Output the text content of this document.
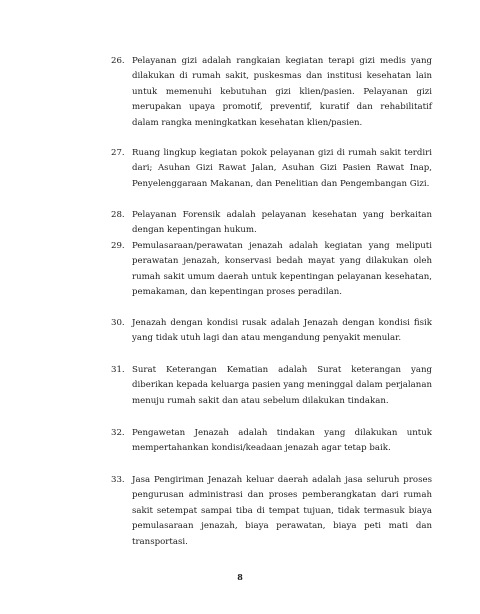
26. Pelayanan gizi adalah rangkaian kegiatan terapi gizi medis yang dilakukan di rumah sakit, puskesmas dan institusi kesehatan lain untuk memenuhi kebutuhan gizi klien/pasien. Pelayanan gizi merupakan upaya promotif, preventif, kuratif dan rehabilitatif dalam rangka meningkatkan kesehatan klien/pasien.
27. Ruang lingkup kegiatan pokok pelayanan gizi di rumah sakit terdiri dari; Asuhan Gizi Rawat Jalan, Asuhan Gizi Pasien Rawat Inap, Penyelenggaraan Makanan, dan Penelitian dan Pengembangan Gizi.
28. Pelayanan Forensik adalah pelayanan kesehatan yang berkaitan dengan kepentingan hukum.
29. Pemulasaraan/perawatan jenazah adalah kegiatan yang meliputi perawatan jenazah, konservasi bedah mayat yang dilakukan oleh rumah sakit umum daerah untuk kepentingan pelayanan kesehatan, pemakaman, dan kepentingan proses peradilan.
30. Jenazah dengan kondisi rusak adalah Jenazah dengan kondisi fisik yang tidak utuh lagi dan atau mengandung penyakit menular.
31. Surat Keterangan Kematian adalah Surat keterangan yang diberikan kepada keluarga pasien yang meninggal dalam perjalanan menuju rumah sakit dan atau sebelum dilakukan tindakan.
32. Pengawetan Jenazah adalah tindakan yang dilakukan untuk mempertahankan kondisi/keadaan jenazah agar tetap baik.
33. Jasa Pengiriman Jenazah keluar daerah adalah jasa seluruh proses pengurusan administrasi dan proses pemberangkatan dari rumah sakit setempat sampai tiba di tempat tujuan, tidak termasuk biaya pemulasaraan jenazah, biaya perawatan, biaya peti mati dan transportasi.
8
